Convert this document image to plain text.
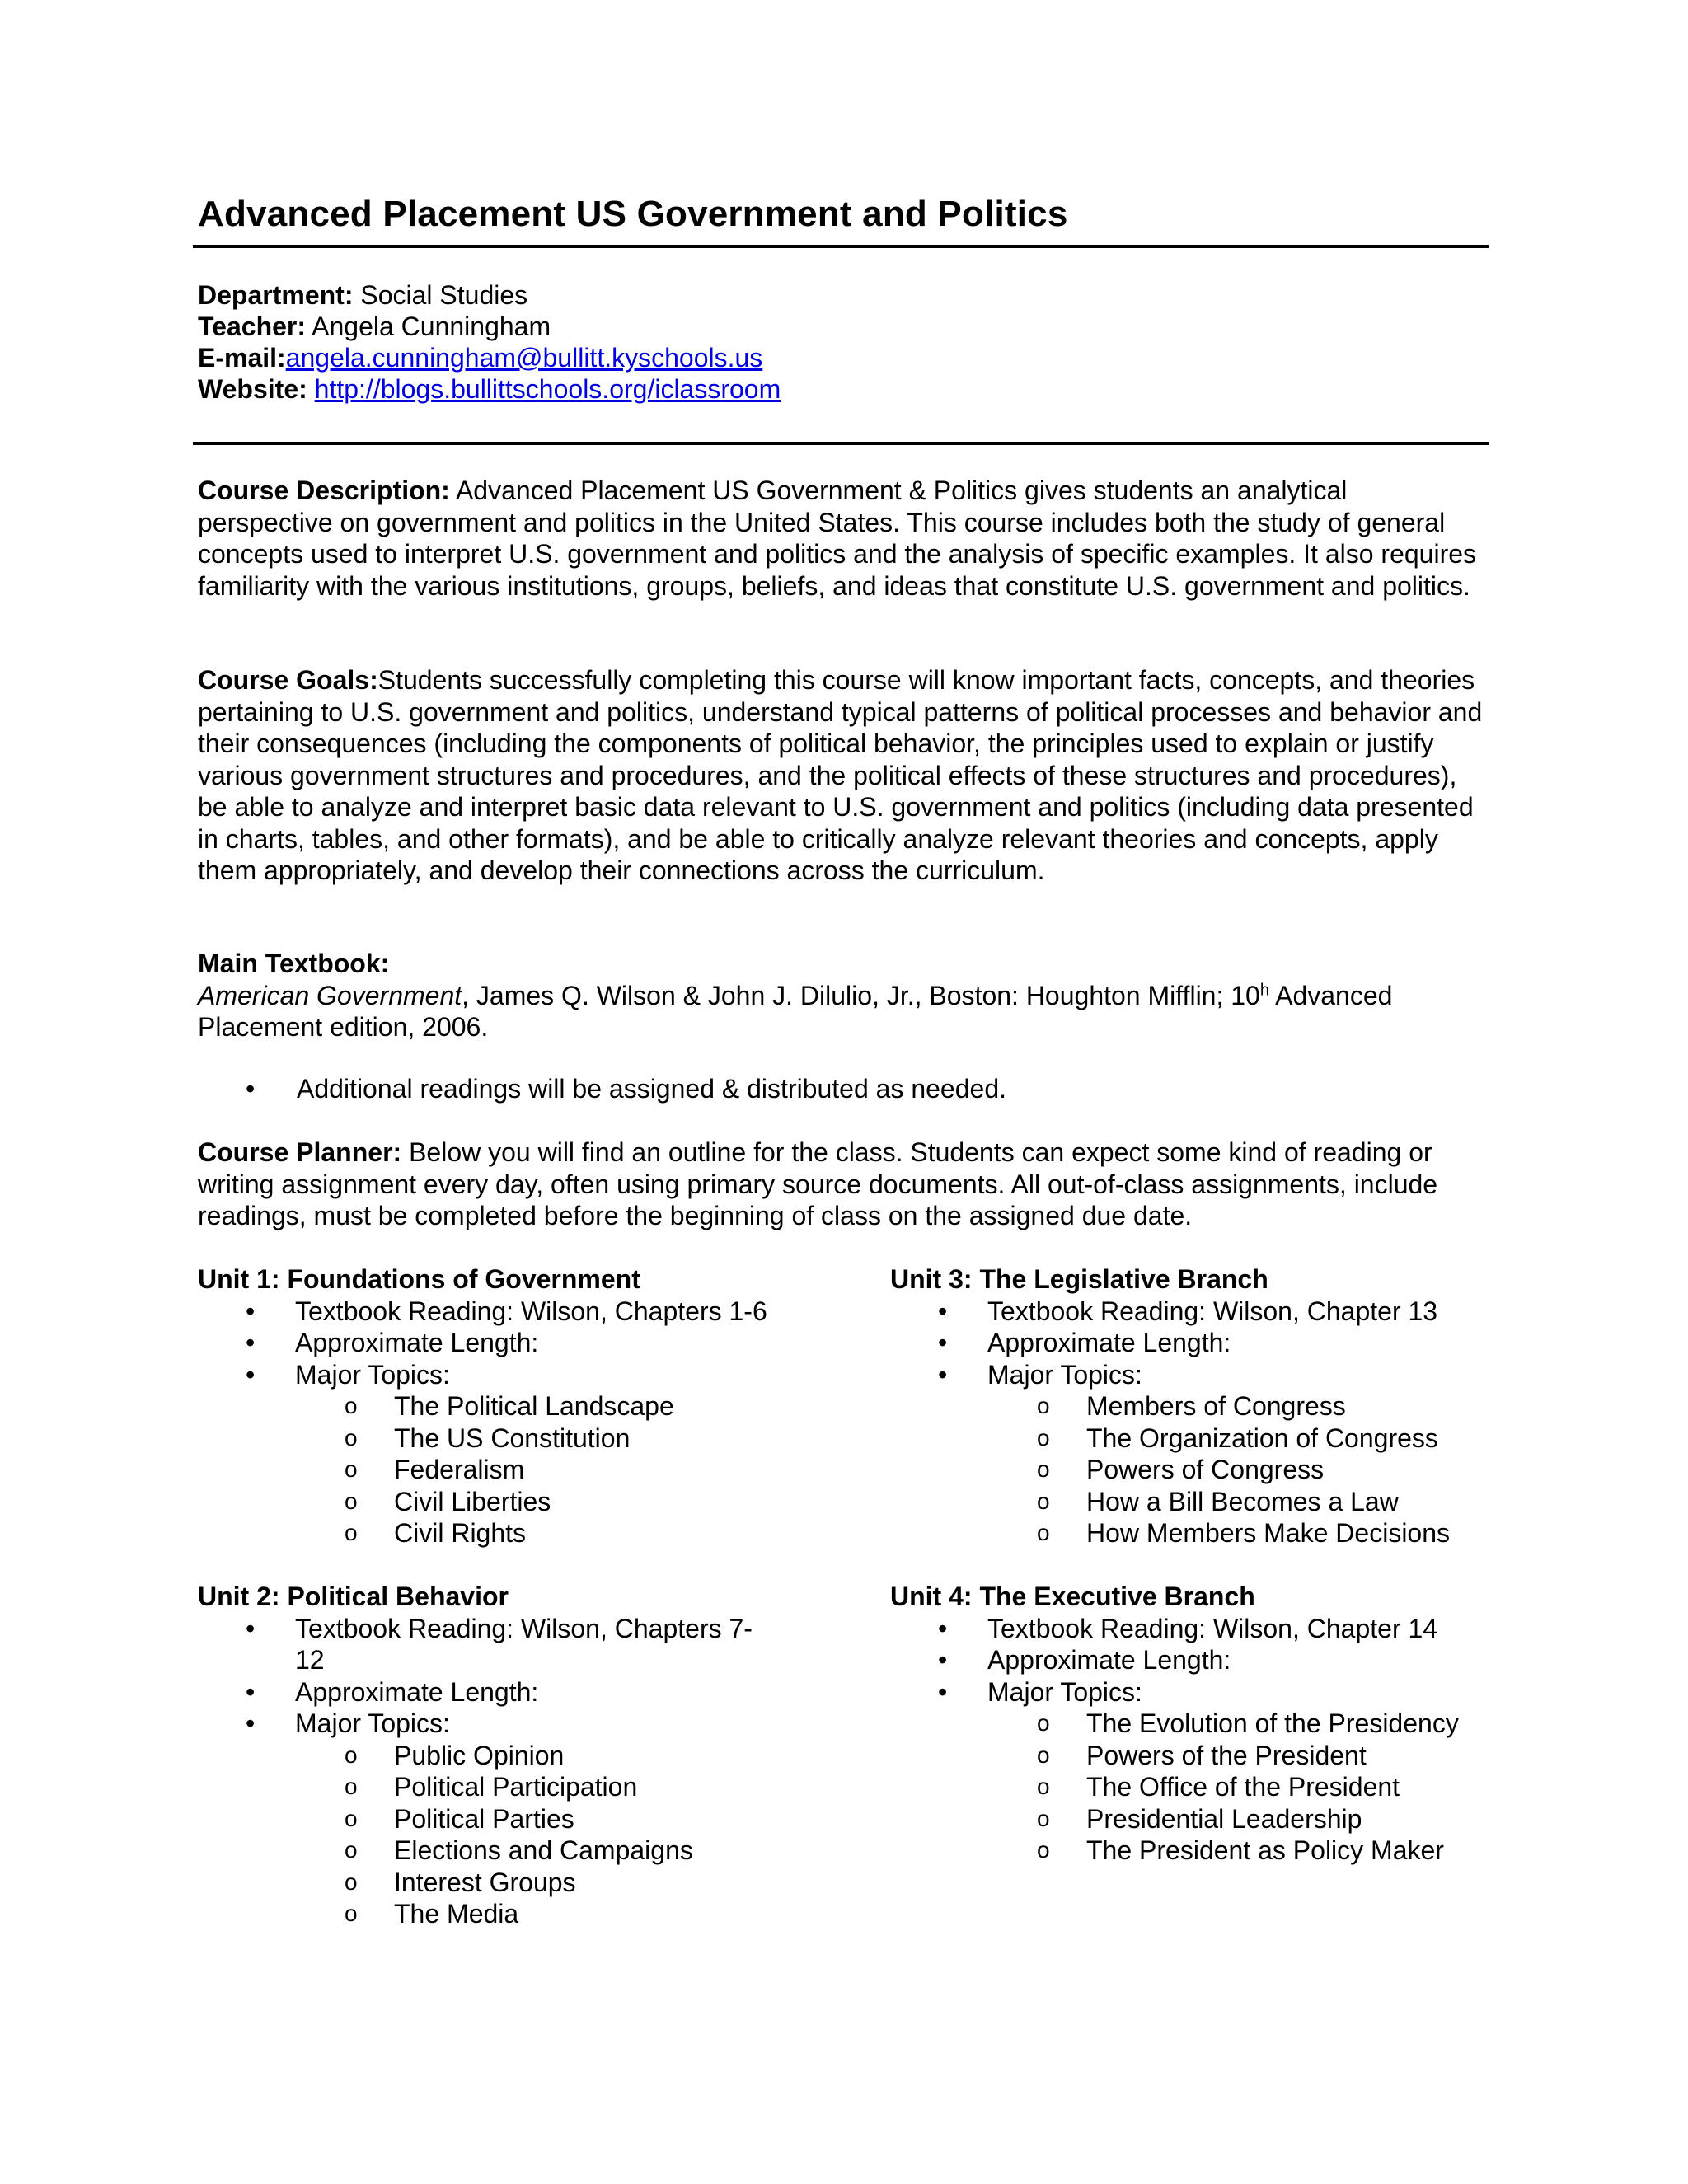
Advanced Placement US Government and Politics
Department: Social Studies
Teacher: Angela Cunningham
E-mail:angela.cunningham@bullitt.kyschools.us
Website: http://blogs.bullittschools.org/iclassroom
Course Description: Advanced Placement US Government & Politics gives students an analytical perspective on government and politics in the United States. This course includes both the study of general concepts used to interpret U.S. government and politics and the analysis of specific examples. It also requires familiarity with the various institutions, groups, beliefs, and ideas that constitute U.S. government and politics.
Course Goals:Students successfully completing this course will know important facts, concepts, and theories pertaining to U.S. government and politics, understand typical patterns of political processes and behavior and their consequences (including the components of political behavior, the principles used to explain or justify various government structures and procedures, and the political effects of these structures and procedures), be able to analyze and interpret basic data relevant to U.S. government and politics (including data presented in charts, tables, and other formats), and be able to critically analyze relevant theories and concepts, apply them appropriately, and develop their connections across the curriculum.
Main Textbook:
American Government, James Q. Wilson & John J. Dilulio, Jr., Boston: Houghton Mifflin; 10$^h$ Advanced Placement edition, 2006.
• Additional readings will be assigned & distributed as needed.
Course Planner: Below you will find an outline for the class. Students can expect some kind of reading or writing assignment every day, often using primary source documents. All out-of-class assignments, include readings, must be completed before the beginning of class on the assigned due date.
Unit 1: Foundations of Government
• Textbook Reading: Wilson, Chapters 1-6
• Approximate Length:
• Major Topics:
o The Political Landscape
o The US Constitution
o Federalism
o Civil Liberties
o Civil Rights
Unit 2: Political Behavior
• Textbook Reading: Wilson, Chapters 7-12
• Approximate Length:
• Major Topics:
o Public Opinion
o Political Participation
o Political Parties
o Elections and Campaigns
o Interest Groups
o The Media
Unit 3: The Legislative Branch
• Textbook Reading: Wilson, Chapter 13
• Approximate Length:
• Major Topics:
o Members of Congress
o The Organization of Congress
o Powers of Congress
o How a Bill Becomes a Law
o How Members Make Decisions
Unit 4: The Executive Branch
• Textbook Reading: Wilson, Chapter 14
• Approximate Length:
• Major Topics:
o The Evolution of the Presidency
o Powers of the President
o The Office of the President
o Presidential Leadership
o The President as Policy Maker
